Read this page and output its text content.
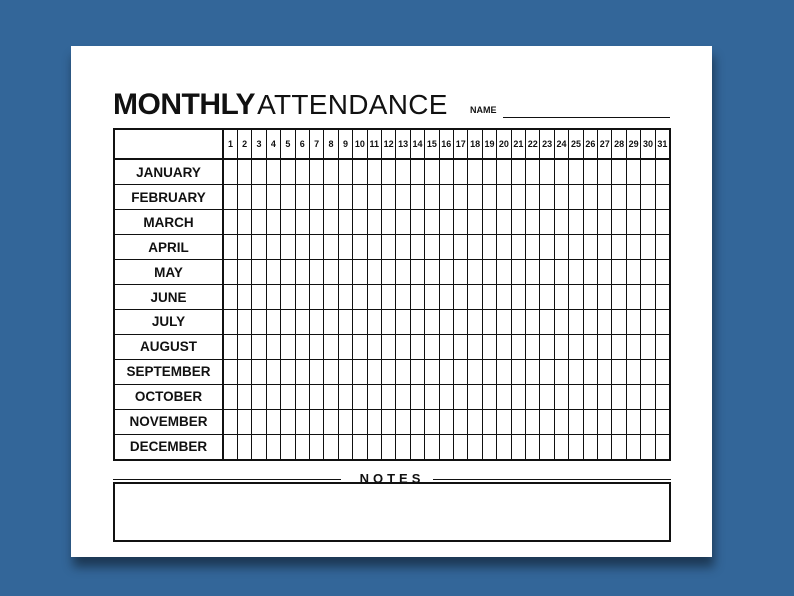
MONTHLY ATTENDANCE NAME
	1	2	3	4	5	6	7	8	9	10	11	12	13	14	15	16	17	18	19	20	21	22	23	24	25	26	27	28	29	30	31
JANUARY																															
FEBRUARY																															
MARCH																															
APRIL																															
MAY																															
JUNE																															
JULY																															
AUGUST																															
SEPTEMBER																															
OCTOBER																															
NOVEMBER																															
DECEMBER																															
NOTES
